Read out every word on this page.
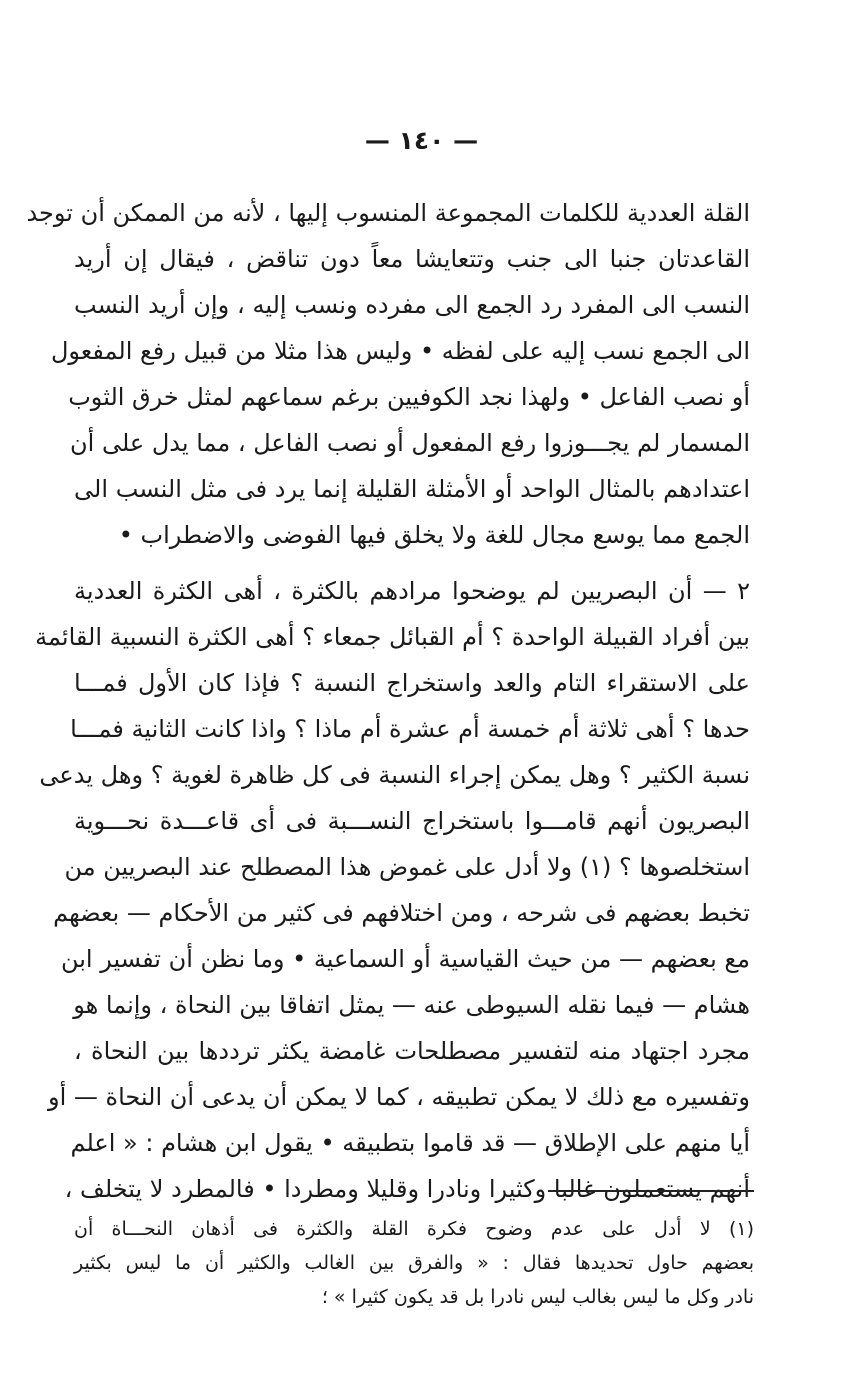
— ١٤٠ —
القلة العددية للكلمات المجموعة المنسوب إليها ، لأنه من الممكن أن توجد
القاعدتان جنبا الى جنب وتتعايشا معاً دون تناقض ، فيقال إن أريد
النسب الى المفرد رد الجمع الى مفرده ونسب إليه ، وإن أريد النسب
الى الجمع نسب إليه على لفظه • وليس هذا مثلا من قبيل رفع المفعول
أو نصب الفاعل • ولهذا نجد الكوفيين برغم سماعهم لمثل خرق الثوب
المسمار لم يجـــوزوا رفع المفعول أو نصب الفاعل ، مما يدل على أن
اعتدادهم بالمثال الواحد أو الأمثلة القليلة إنما يرد فى مثل النسب الى
الجمع مما يوسع مجال للغة ولا يخلق فيها الفوضى والاضطراب •
٢ — أن البصريين لم يوضحوا مرادهم بالكثرة ، أهى الكثرة العددية
بين أفراد القبيلة الواحدة ؟ أم القبائل جمعاء ؟ أهى الكثرة النسبية القائمة
على الاستقراء التام والعد واستخراج النسبة ؟ فإذا كان الأول فمـــا
حدها ؟ أهى ثلاثة أم خمسة أم عشرة أم ماذا ؟ واذا كانت الثانية فمـــا
نسبة الكثير ؟ وهل يمكن إجراء النسبة فى كل ظاهرة لغوية ؟ وهل يدعى
البصريون أنهم قامـــوا باستخراج النســـبة فى أى قاعـــدة نحـــوية
استخلصوها ؟ (١) ولا أدل على غموض هذا المصطلح عند البصريين من
تخبط بعضهم فى شرحه ، ومن اختلافهم فى كثير من الأحكام — بعضهم
مع بعضهم — من حيث القياسية أو السماعية • وما نظن أن تفسير ابن
هشام — فيما نقله السيوطى عنه — يمثل اتفاقا بين النحاة ، وإنما هو
مجرد اجتهاد منه لتفسير مصطلحات غامضة يكثر ترددها بين النحاة ،
وتفسيره مع ذلك لا يمكن تطبيقه ، كما لا يمكن أن يدعى أن النحاة — أو
أيا منهم على الإطلاق — قد قاموا بتطبيقه • يقول ابن هشام : « اعلم
أنهم يستعملون غالبا وكثيرا ونادرا وقليلا ومطردا • فالمطرد لا يتخلف ،
(١) لا أدل على عدم وضوح فكرة القلة والكثرة فى أذهان النحـــاة أن
بعضهم حاول تحديدها فقال : « والفرق بين الغالب والكثير أن ما ليس بكثير
نادر وكل ما ليس بغالب ليس نادرا بل قد يكون كثيرا » ؛
